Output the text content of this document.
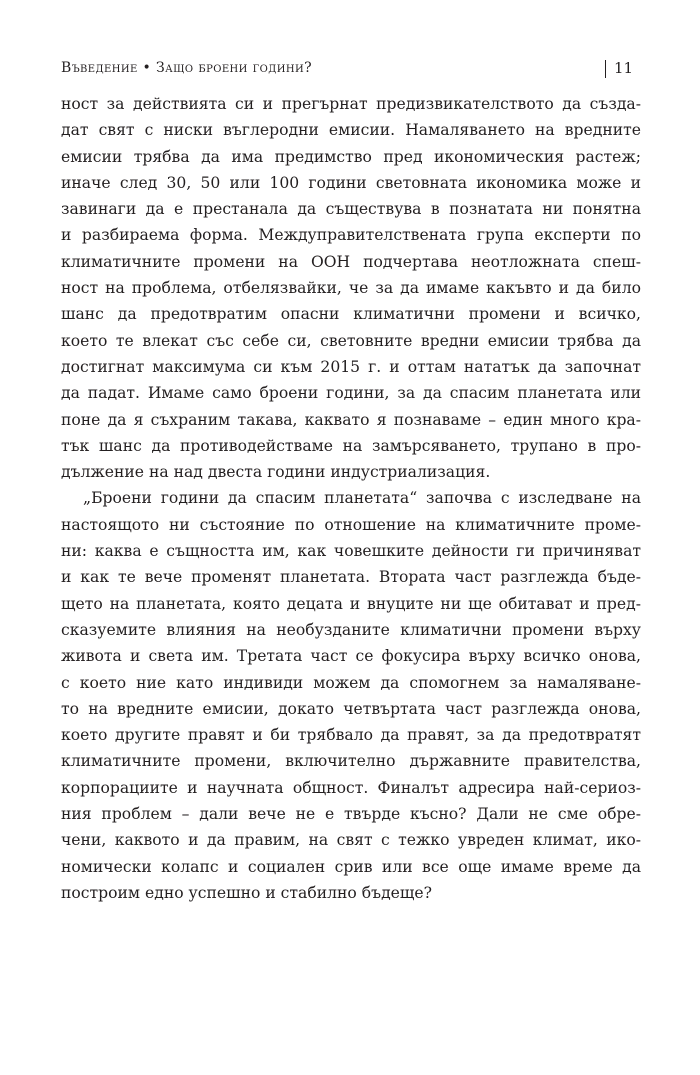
Въведение • Защо броени години?	11
ност за действията си и прегърнат предизвикателството да създа-
дат свят с ниски въглеродни емисии. Намаляването на вредните
емисии трябва да има предимство пред икономическия растеж;
иначе след 30, 50 или 100 години световната икономика може и
завинаги да е престанала да съществува в познатата ни понятна
и разбираема форма. Междуправителствената група експерти по
климатичните промени на ООН подчертава неотложната спеш-
ност на проблема, отбелязвайки, че за да имаме какъвто и да било
шанс да предотвратим опасни климатични промени и всичко,
което те влекат със себе си, световните вредни емисии трябва да
достигнат максимума си към 2015 г. и оттам нататък да започнат
да падат. Имаме само броени години, за да спасим планетата или
поне да я съхраним такава, каквато я познаваме – един много кра-
тък шанс да противодействаме на замърсяването, трупано в про-
дължение на над двеста години индустриализация.
„Броени години да спасим планетата“ започва с изследване на
настоящото ни състояние по отношение на климатичните проме-
ни: каква е същността им, как човешките дейности ги причиняват
и как те вече променят планетата. Втората част разглежда бъде-
щето на планетата, която децата и внуците ни ще обитават и пред-
сказуемите влияния на необузданите климатични промени върху
живота и света им. Третата част се фокусира върху всичко онова,
с което ние като индивиди можем да спомогнем за намаляване-
то на вредните емисии, докато четвъртата част разглежда онова,
което другите правят и би трябвало да правят, за да предотвратят
климатичните промени, включително държавните правителства,
корпорациите и научната общност. Финалът адресира най-сериоз-
ния проблем – дали вече не е твърде късно? Дали не сме обре-
чени, каквото и да правим, на свят с тежко увреден климат, ико-
номически колапс и социален срив или все още имаме време да
построим едно успешно и стабилно бъдеще?
